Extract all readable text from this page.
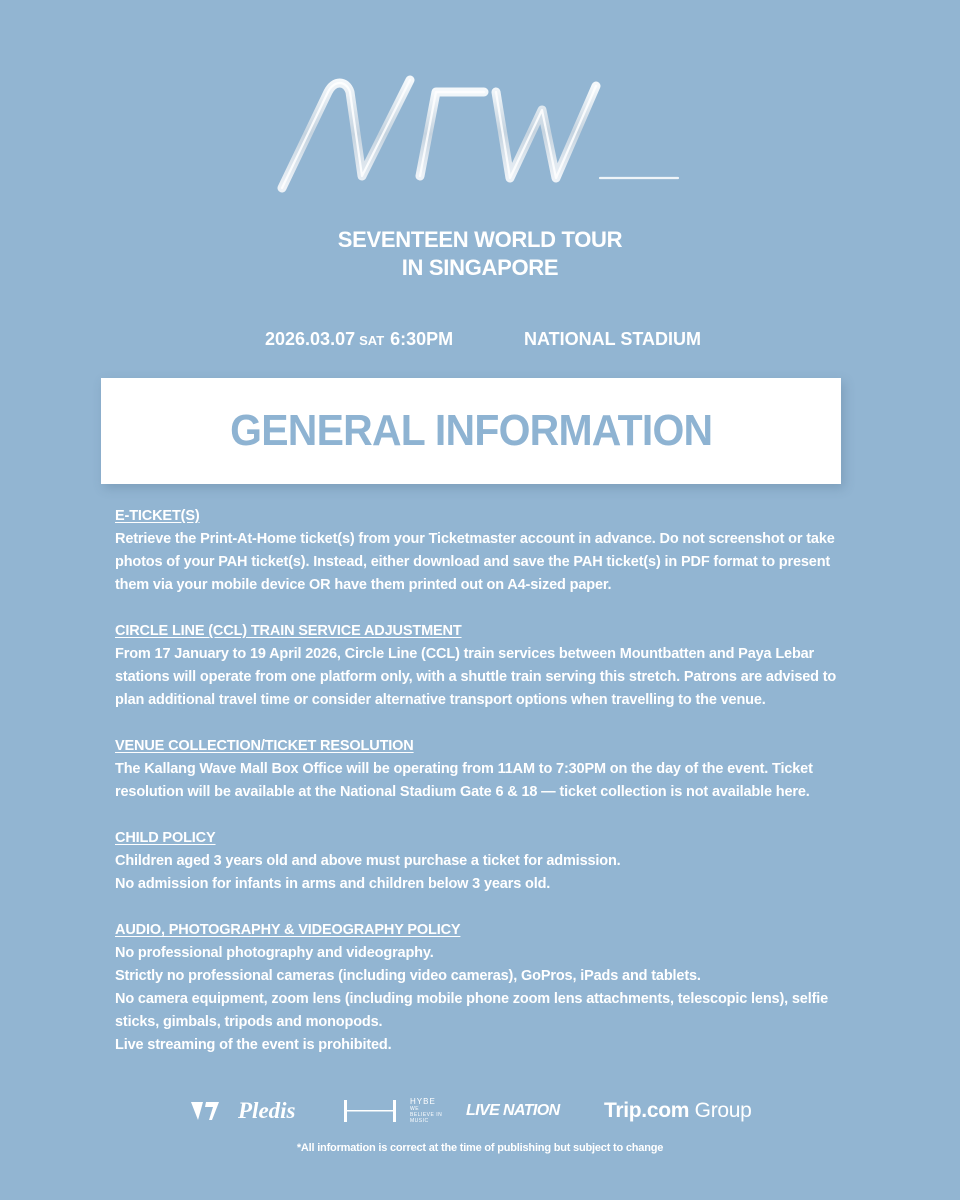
SEVENTEEN WORLD TOUR
IN SINGAPORE
2026.03.07 SAT 6:30PM	NATIONAL STADIUM
GENERAL INFORMATION
E-TICKET(S)

Retrieve the Print-At-Home ticket(s) from your Ticketmaster account in advance. Do not screenshot or take

photos of your PAH ticket(s). Instead, either download and save the PAH ticket(s) in PDF format to present

them via your mobile device OR have them printed out on A4-sized paper.

CIRCLE LINE (CCL) TRAIN SERVICE ADJUSTMENT

From 17 January to 19 April 2026, Circle Line (CCL) train services between Mountbatten and Paya Lebar

stations will operate from one platform only, with a shuttle train serving this stretch. Patrons are advised to

plan additional travel time or consider alternative transport options when travelling to the venue.

VENUE COLLECTION/TICKET RESOLUTION

The Kallang Wave Mall Box Office will be operating from 11AM to 7:30PM on the day of the event. Ticket

resolution will be available at the National Stadium Gate 6 & 18 — ticket collection is not available here.

CHILD POLICY

Children aged 3 years old and above must purchase a ticket for admission.

No admission for infants in arms and children below 3 years old.

AUDIO, PHOTOGRAPHY & VIDEOGRAPHY POLICY

No professional photography and videography.

Strictly no professional cameras (including video cameras), GoPros, iPads and tablets.

No camera equipment, zoom lens (including mobile phone zoom lens attachments, telescopic lens), selfie

sticks, gimbals, tripods and monopods.

Live streaming of the event is prohibited.

Pledis	HYBE
WE BELIEVE IN MUSIC
LIVE NATION Trip.com Group
*All information is correct at the time of publishing but subject to change
